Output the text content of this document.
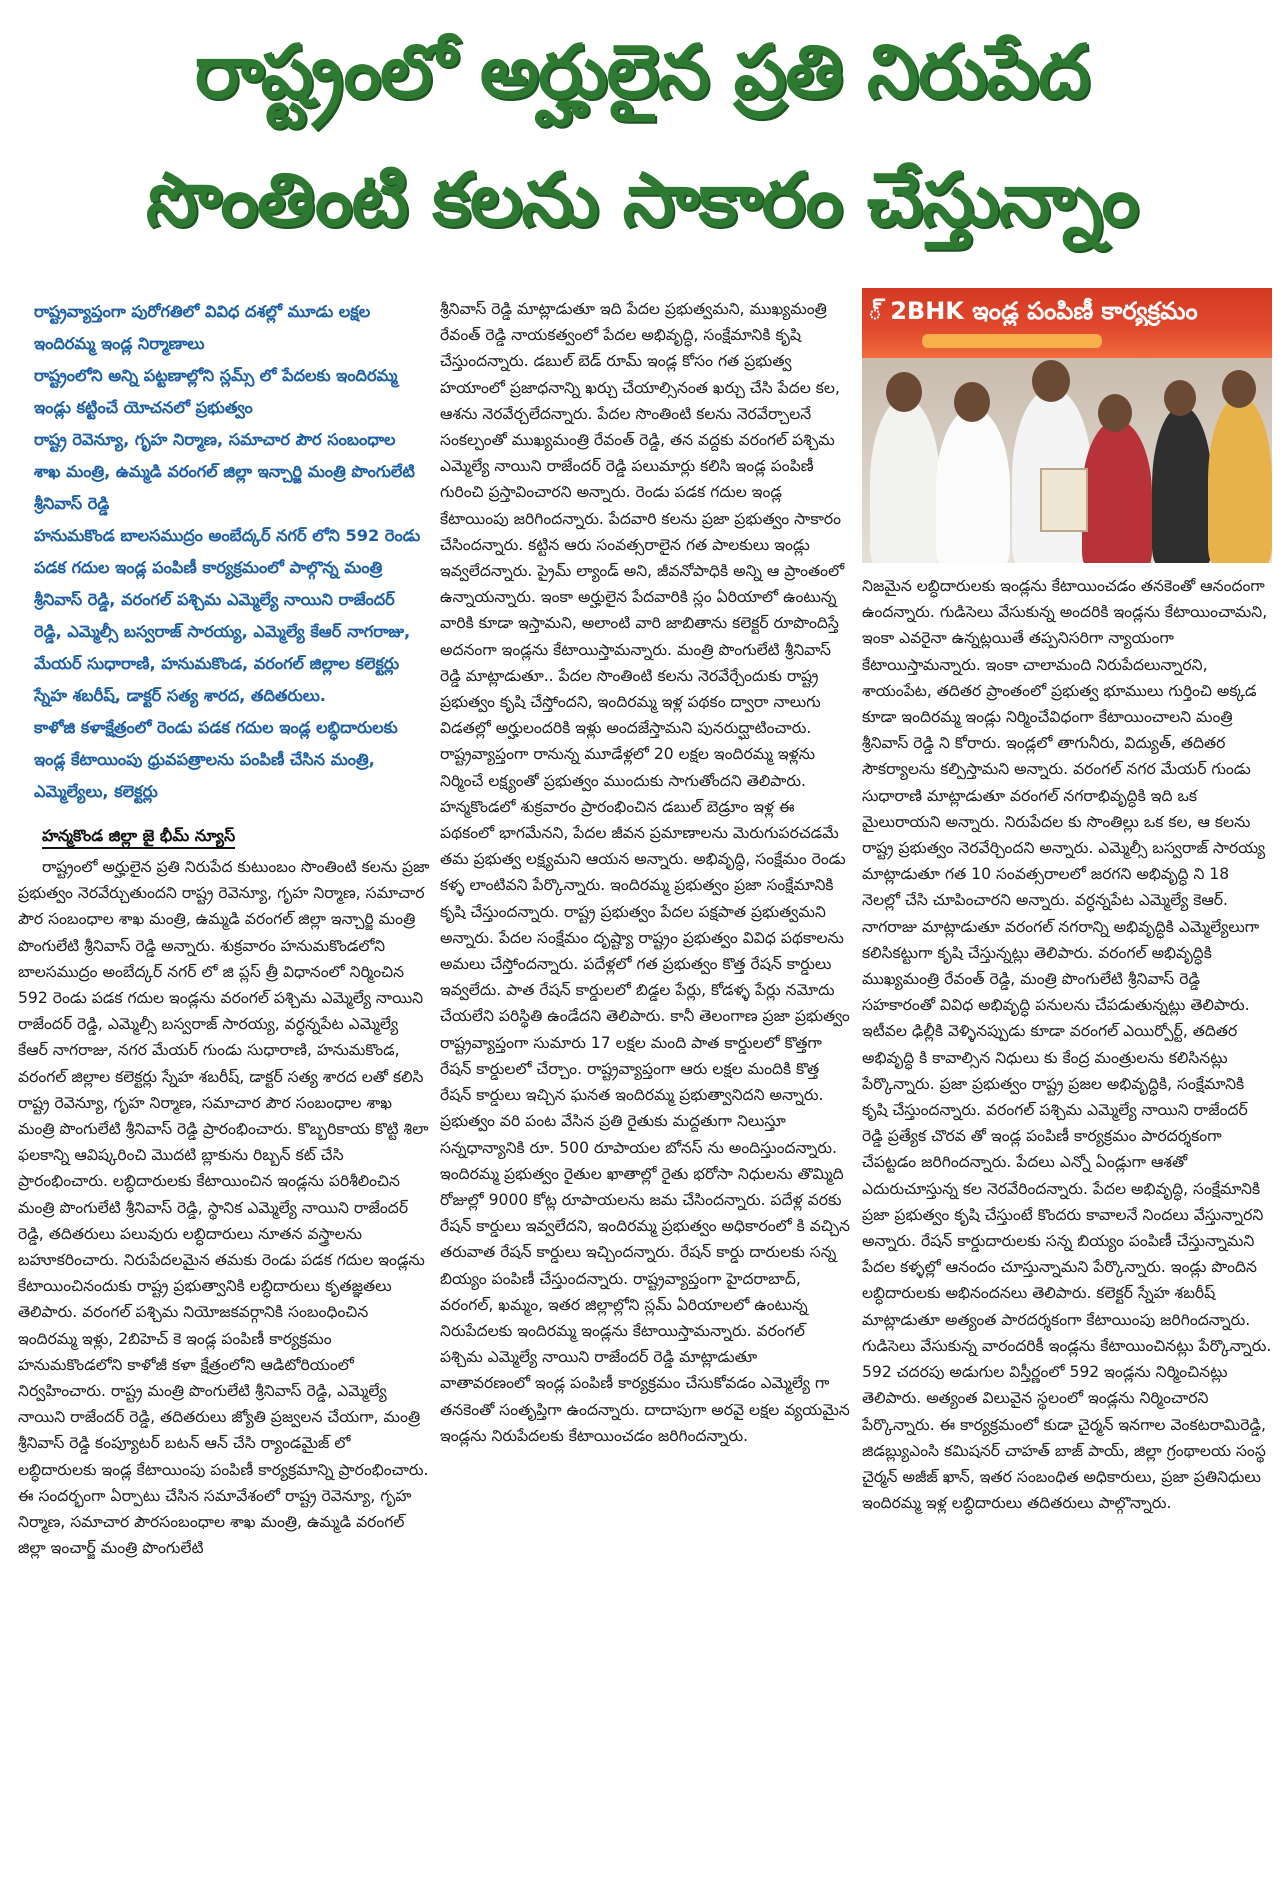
రాష్ట్రంలో అర్హులైన ప్రతి నిరుపేద
సొంతింటి కలను సాకారం చేస్తున్నాం

రాష్ట్రవ్యాప్తంగా పురోగతిలో వివిధ దశల్లో మూడు లక్షల ఇందిరమ్మ ఇండ్ల నిర్మాణాలు

రాష్ట్రంలోని అన్ని పట్టణాల్లోని స్లమ్స్ లో పేదలకు ఇందిరమ్మ ఇండ్లు కట్టించే యోచనలో ప్రభుత్వం

రాష్ట్ర రెవెన్యూ, గృహ నిర్మాణ, సమాచార పౌర సంబంధాల శాఖ మంత్రి, ఉమ్మడి వరంగల్ జిల్లా ఇన్చార్జి మంత్రి పొంగులేటి శ్రీనివాస్ రెడ్డి

హనుమకొండ బాలసముద్రం అంబేద్కర్ నగర్ లోని 592 రెండు పడక గదుల ఇండ్ల పంపిణీ కార్యక్రమంలో పాల్గొన్న మంత్రి శ్రీనివాస్ రెడ్డి, వరంగల్ పశ్చిమ ఎమ్మెల్యే నాయిని రాజేందర్ రెడ్డి, ఎమ్మెల్సీ బస్వరాజ్ సారయ్య, ఎమ్మెల్యే కేఆర్ నాగరాజు, మేయర్ సుధారాణి, హనుమకొండ, వరంగల్ జిల్లాల కలెక్టర్లు స్నేహ శబరీష్, డాక్టర్ సత్య శారద, తదితరులు.

కాళోజి కళాక్షేత్రంలో రెండు పడక గదుల ఇండ్ల లబ్ధిదారులకు ఇండ్ల కేటాయింపు ధ్రువపత్రాలను పంపిణీ చేసిన మంత్రి, ఎమ్మెల్యేలు, కలెక్టర్లు

హన్మకొండ జిల్లా జై భీమ్ న్యూస్

రాష్ట్రంలో అర్హులైన ప్రతి నిరుపేద కుటుంబం సొంతింటి కలను ప్రజా ప్రభుత్వం నెరవేర్చుతుందని రాష్ట్ర రెవెన్యూ, గృహ నిర్మాణ, సమాచార పౌర సంబంధాల శాఖ మంత్రి, ఉమ్మడి వరంగల్ జిల్లా ఇన్చార్జి మంత్రి పొంగులేటి శ్రీనివాస్ రెడ్డి అన్నారు. శుక్రవారం హనుమకొండలోని బాలసముద్రం అంబేద్కర్ నగర్ లో జి ప్లస్ త్రీ విధానంలో నిర్మించిన 592 రెండు పడక గదుల ఇండ్లను వరంగల్ పశ్చిమ ఎమ్మెల్యే నాయిని రాజేందర్ రెడ్డి, ఎమ్మెల్సీ బస్వరాజ్ సారయ్య, వర్ధన్నపేట ఎమ్మెల్యే కేఆర్ నాగరాజు, నగర మేయర్ గుండు సుధారాణి, హనుమకొండ, వరంగల్ జిల్లాల కలెక్టర్లు స్నేహ శబరీష్, డాక్టర్ సత్య శారద లతో కలిసి రాష్ట్ర రెవెన్యూ, గృహ నిర్మాణ, సమాచార పౌర సంబంధాల శాఖ మంత్రి పొంగులేటి శ్రీనివాస్ రెడ్డి ప్రారంభించారు. కొబ్బరికాయ కొట్టి శిలా ఫలకాన్ని ఆవిష్కరించి మొదటి బ్లాకును రిబ్బన్ కట్ చేసి ప్రారంభించారు. లబ్ధిదారులకు కేటాయించిన ఇండ్లను పరిశీలించిన మంత్రి పొంగులేటి శ్రీనివాస్ రెడ్డి, స్థానిక ఎమ్మెల్యే నాయిని రాజేందర్ రెడ్డి, తదితరులు పలువురు లబ్ధిదారులు నూతన వస్త్రాలను బహూకరించారు. నిరుపేదలమైన తమకు రెండు పడక గదుల ఇండ్లను కేటాయించినందుకు రాష్ట్ర ప్రభుత్వానికి లబ్ధిదారులు కృతజ్ఞతలు తెలిపారు. వరంగల్ పశ్చిమ నియోజకవర్గానికి సంబంధించిన ఇందిరమ్మ ఇళ్లు, 2బిహెచ్ కె ఇండ్ల పంపిణీ కార్యక్రమం హనుమకొండలోని కాళోజీ కళా క్షేత్రంలోని ఆడిటోరియంలో నిర్వహించారు. రాష్ట్ర మంత్రి పొంగులేటి శ్రీనివాస్ రెడ్డి, ఎమ్మెల్యే నాయిని రాజేందర్ రెడ్డి, తదితరులు జ్యోతి ప్రజ్వలన చేయగా, మంత్రి శ్రీనివాస్ రెడ్డి కంప్యూటర్ బటన్ ఆన్ చేసి ర్యాండమైజ్ లో లబ్ధిదారులకు ఇండ్ల కేటాయింపు పంపిణీ కార్యక్రమాన్ని ప్రారంభించారు. ఈ సందర్భంగా ఏర్పాటు చేసిన సమావేశంలో రాష్ట్ర రెవెన్యూ, గృహ నిర్మాణ, సమాచార పౌరసంబంధాల శాఖ మంత్రి, ఉమ్మడి వరంగల్ జిల్లా ఇంచార్జ్ మంత్రి పొంగులేటి

శ్రీనివాస్ రెడ్డి మాట్లాడుతూ ఇది పేదల ప్రభుత్వమని, ముఖ్యమంత్రి రేవంత్ రెడ్డి నాయకత్వంలో పేదల అభివృద్ధి, సంక్షేమానికి కృషి చేస్తుందన్నారు. డబుల్ బెడ్ రూమ్ ఇండ్ల కోసం గత ప్రభుత్వ హయాంలో ప్రజాధనాన్ని ఖర్చు చేయాల్సినంత ఖర్చు చేసి పేదల కల, ఆశను నెరవేర్చలేదన్నారు. పేదల సొంతింటి కలను నెరవేర్చాలనే సంకల్పంతో ముఖ్యమంత్రి రేవంత్ రెడ్డి, తన వద్దకు వరంగల్ పశ్చిమ ఎమ్మెల్యే నాయిని రాజేందర్ రెడ్డి పలుమార్లు కలిసి ఇండ్ల పంపిణీ గురించి ప్రస్తావించారని అన్నారు. రెండు పడక గదుల ఇండ్ల కేటాయింపు జరిగిందన్నారు. పేదవారి కలను ప్రజా ప్రభుత్వం సాకారం చేసిందన్నారు. కట్టిన ఆరు సంవత్సరాలైన గత పాలకులు ఇండ్లు ఇవ్వలేదన్నారు. ప్రైమ్ ల్యాండ్ అని, జీవనోపాధికి అన్ని ఆ ప్రాంతంలో ఉన్నాయన్నారు. ఇంకా అర్హులైన పేదవారికి స్లం ఏరియాలో ఉంటున్న వారికి కూడా ఇస్తామని, అలాంటి వారి జాబితాను కలెక్టర్ రూపొందిస్తే అదనంగా ఇండ్లను కేటాయిస్తామన్నారు. మంత్రి పొంగులేటి శ్రీనివాస్ రెడ్డి మాట్లాడుతూ.. పేదల సొంతింటి కలను నెరవేర్చేందుకు రాష్ట్ర ప్రభుత్వం కృషి చేస్తోందని, ఇందిరమ్మ ఇళ్ల పథకం ద్వారా నాలుగు విడతల్లో అర్హులందరికి ఇళ్లు అందజేస్తామని పునరుద్ఘాటించారు. రాష్ట్రవ్యాప్తంగా రానున్న మూడేళ్లలో 20 లక్షల ఇందిరమ్మ ఇళ్లను నిర్మించే లక్ష్యంతో ప్రభుత్వం ముందుకు సాగుతోందని తెలిపారు. హన్మకొండలో శుక్రవారం ప్రారంభించిన డబుల్ బెడ్రూం ఇళ్ల ఈ పథకంలో భాగమేనని, పేదల జీవన ప్రమాణాలను మెరుగుపరచడమే తమ ప్రభుత్వ లక్ష్యమని ఆయన అన్నారు. అభివృద్ధి, సంక్షేమం రెండు కళ్ళ లాంటివని పేర్కొన్నారు. ఇందిరమ్మ ప్రభుత్వం ప్రజా సంక్షేమానికి కృషి చేస్తుందన్నారు. రాష్ట్ర ప్రభుత్వం పేదల పక్షపాత ప్రభుత్వమని అన్నారు. పేదల సంక్షేమం దృష్ట్యా రాష్ట్రం ప్రభుత్వం వివిధ పథకాలను అమలు చేస్తోందన్నారు. పదేళ్లలో గత ప్రభుత్వం కొత్త రేషన్ కార్డులు ఇవ్వలేదు. పాత రేషన్ కార్డులలో బిడ్డల పేర్లు, కోడళ్ళ పేర్లు నమోదు చేయలేని పరిస్థితి ఉండేదని తెలిపారు. కానీ తెలంగాణ ప్రజా ప్రభుత్వం రాష్ట్రవ్యాప్తంగా సుమారు 17 లక్షల మంది పాత కార్డులలో కొత్తగా రేషన్ కార్డులలో చేర్చాం. రాష్ట్రవ్యాప్తంగా ఆరు లక్షల మందికి కొత్త రేషన్ కార్డులు ఇచ్చిన ఘనత ఇందిరమ్మ ప్రభుత్వానిదని అన్నారు. ప్రభుత్వం వరి పంట వేసిన ప్రతి రైతుకు మద్దతుగా నిలుస్తూ సన్నధాన్యానికి రూ. 500 రూపాయల బోనస్ ను అందిస్తుందన్నారు. ఇందిరమ్మ ప్రభుత్వం రైతుల ఖాతాల్లో రైతు భరోసా నిధులను తొమ్మిది రోజుల్లో 9000 కోట్ల రూపాయలను జమ చేసిందన్నారు. పదేళ్ల వరకు రేషన్ కార్డులు ఇవ్వలేదని, ఇందిరమ్మ ప్రభుత్వం అధికారంలో కి వచ్చిన తరువాత రేషన్ కార్డులు ఇచ్చిందన్నారు. రేషన్ కార్డు దారులకు సన్న బియ్యం పంపిణీ చేస్తుందన్నారు. రాష్ట్రవ్యాప్తంగా హైదరాబాద్, వరంగల్, ఖమ్మం, ఇతర జిల్లాల్లోని స్లమ్ ఏరియాలలో ఉంటున్న నిరుపేదలకు ఇందిరమ్మ ఇండ్లను కేటాయిస్తామన్నారు. వరంగల్ పశ్చిమ ఎమ్మెల్యే నాయిని రాజేందర్ రెడ్డి మాట్లాడుతూ వాతావరణంలో ఇండ్ల పంపిణీ కార్యక్రమం చేసుకోవడం ఎమ్మెల్యే గా తనకెంతో సంతృప్తిగా ఉందన్నారు. దాదాపుగా అరవై లక్షల వ్యయమైన ఇండ్లను నిరుపేదలకు కేటాయించడం జరిగిందన్నారు.

్ 2BHK ఇండ్ల పంపిణీ కార్యక్రమం

నిజమైన లబ్ధిదారులకు ఇండ్లను కేటాయించడం తనకెంతో ఆనందంగా ఉందన్నారు. గుడిసెలు వేసుకున్న అందరికి ఇండ్లను కేటాయించామని, ఇంకా ఎవరైనా ఉన్నట్లయితే తప్పనిసరిగా న్యాయంగా కేటాయిస్తామన్నారు. ఇంకా చాలామంది నిరుపేదలున్నారని, శాయంపేట, తదితర ప్రాంతంలో ప్రభుత్వ భూములు గుర్తించి అక్కడ కూడా ఇందిరమ్మ ఇండ్లు నిర్మించేవిధంగా కేటాయించాలని మంత్రి శ్రీనివాస్ రెడ్డి ని కోరారు. ఇండ్లలో తాగునీరు, విద్యుత్, తదితర సౌకర్యాలను కల్పిస్తామని అన్నారు. వరంగల్ నగర మేయర్ గుండు సుధారాణి మాట్లాడుతూ వరంగల్ నగరాభివృద్ధికి ఇది ఒక మైలురాయని అన్నారు. నిరుపేదల కు సొంతిల్లు ఒక కల, ఆ కలను రాష్ట్ర ప్రభుత్వం నెరవేర్చిందని అన్నారు. ఎమ్మెల్సీ బస్వరాజ్ సారయ్య మాట్లాడుతూ గత 10 సంవత్సరాలలో జరగని అభివృద్ధి ని 18 నెలల్లో చేసి చూపించారని అన్నారు. వర్ధన్నపేట ఎమ్మెల్యే కెఆర్. నాగరాజు మాట్లాడుతూ వరంగల్ నగరాన్ని అభివృద్ధికి ఎమ్మెల్యేలుగా కలిసికట్టుగా కృషి చేస్తున్నట్లు తెలిపారు. వరంగల్ అభివృద్ధికి ముఖ్యమంత్రి రేవంత్ రెడ్డి, మంత్రి పొంగులేటి శ్రీనివాస్ రెడ్డి సహకారంతో వివిధ అభివృద్ధి పనులను చేపడుతున్నట్లు తెలిపారు. ఇటీవల ఢిల్లీకి వెళ్ళినప్పుడు కూడా వరంగల్ ఎయిర్పోర్ట్, తదితర అభివృద్ధి కి కావాల్సిన నిధులు కు కేంద్ర మంత్రులను కలిసినట్లు పేర్కొన్నారు. ప్రజా ప్రభుత్వం రాష్ట్ర ప్రజల అభివృద్ధికి, సంక్షేమానికి కృషి చేస్తుందన్నారు. వరంగల్ పశ్చిమ ఎమ్మెల్యే నాయిని రాజేందర్ రెడ్డి ప్రత్యేక చొరవ తో ఇండ్ల పంపిణీ కార్యక్రమం పారదర్శకంగా చేపట్టడం జరిగిందన్నారు. పేదలు ఎన్నో ఏండ్లుగా ఆశతో ఎదురుచూస్తున్న కల నెరవేరిందన్నారు. పేదల అభివృద్ధి, సంక్షేమానికి ప్రజా ప్రభుత్వం కృషి చేస్తుంటే కొందరు కావాలనే నిందలు వేస్తున్నారని అన్నారు. రేషన్ కార్డుదారులకు సన్న బియ్యం పంపిణీ చేస్తున్నామని పేదల కళ్ళల్లో ఆనందం చూస్తున్నామని పేర్కొన్నారు. ఇండ్లు పొందిన లబ్ధిదారులకు అభినందనలు తెలిపారు. కలెక్టర్ స్నేహ శబరీష్ మాట్లాడుతూ అత్యంత పారదర్శకంగా కేటాయింపు జరిగిందన్నారు. గుడిసెలు వేసుకున్న వారందరికీ ఇండ్లను కేటాయించినట్లు పేర్కొన్నారు. 592 చదరపు అడుగుల విస్తీర్ణంలో 592 ఇండ్లను నిర్మించినట్లు తెలిపారు. అత్యంత విలువైన స్థలంలో ఇండ్లను నిర్మించారని పేర్కొన్నారు. ఈ కార్యక్రమంలో కుడా చైర్మన్ ఇనగాల వెంకటరామిరెడ్డి, జిడబ్ల్యుఎంసి కమిషనర్ చాహత్ బాజ్ పాయ్, జిల్లా గ్రంథాలయ సంస్థ చైర్మన్ అజీజ్ ఖాన్, ఇతర సంబంధిత అధికారులు, ప్రజా ప్రతినిధులు ఇందిరమ్మ ఇళ్ల లబ్ధిదారులు తదితరులు పాల్గొన్నారు.
